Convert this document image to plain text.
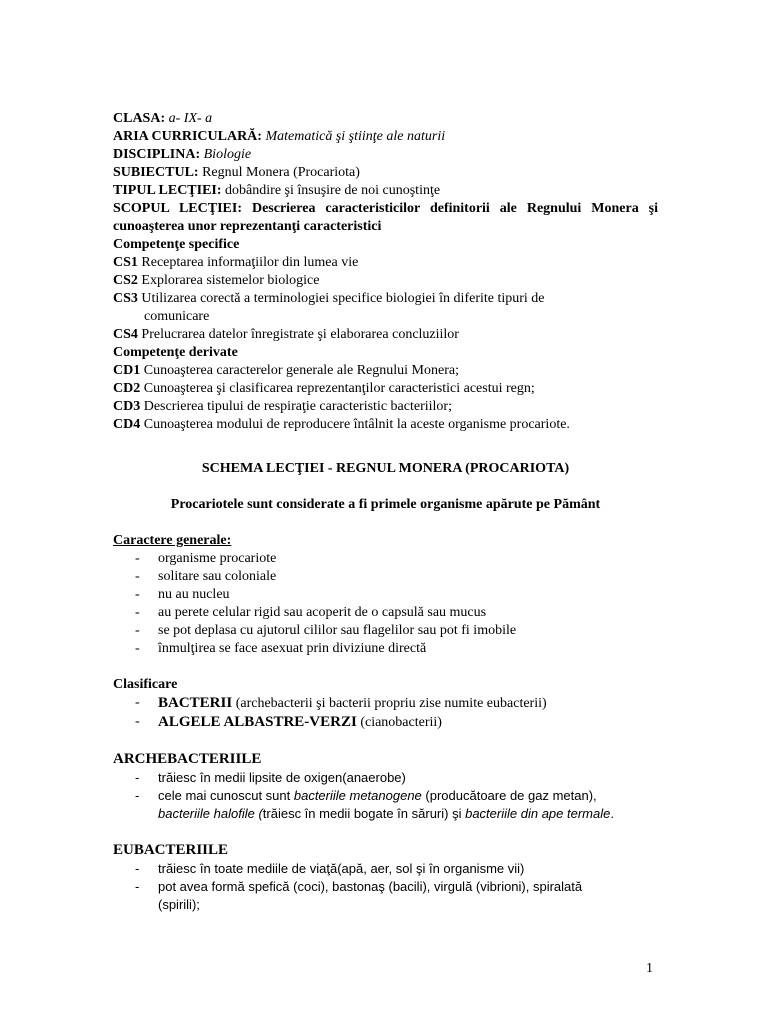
CLASA: a- IX- a
ARIA CURRICULARĂ: Matematică şi ştiinţe ale naturii
DISCIPLINA: Biologie
SUBIECTUL: Regnul Monera (Procariota)
TIPUL LECŢIEI: dobândire şi însuşire de noi cunoştinţe
SCOPUL LECŢIEI: Descrierea caracteristicilor definitorii ale Regnului Monera şi cunoaşterea unor reprezentanţi caracteristici
Competenţe specifice
CS1 Receptarea informaţiilor din lumea vie
CS2 Explorarea sistemelor biologice
CS3 Utilizarea corectă a terminologiei specifice biologiei în diferite tipuri de
comunicare
CS4 Prelucrarea datelor înregistrate şi elaborarea concluziilor
Competenţe derivate
CD1 Cunoaşterea caracterelor generale ale Regnului Monera;
CD2 Cunoaşterea şi clasificarea reprezentanţilor caracteristici acestui regn;
CD3 Descrierea tipului de respiraţie caracteristic bacteriilor;
CD4 Cunoaşterea modului de reproducere întâlnit la aceste organisme procariote.
SCHEMA LECŢIEI - REGNUL MONERA (PROCARIOTA)
Procariotele sunt considerate a fi primele organisme apărute pe Pământ
Caractere generale:
- organisme procariote
- solitare sau coloniale
- nu au nucleu
- au perete celular rigid sau acoperit de o capsulă sau mucus
- se pot deplasa cu ajutorul cililor sau flagelilor sau pot fi imobile
- înmulţirea se face asexuat prin diviziune directă
Clasificare
- BACTERII (archebacterii şi bacterii propriu zise numite eubacterii)
- ALGELE ALBASTRE-VERZI (cianobacterii)
ARCHEBACTERIILE
- trăiesc în medii lipsite de oxigen(anaerobe)
- cele mai cunoscut sunt bacteriile metanogene (producătoare de gaz metan),
bacteriile halofile (trăiesc în medii bogate în săruri) şi bacteriile din ape termale.
EUBACTERIILE
- trăiesc în toate mediile de viaţă(apă, aer, sol şi în organisme vii)
- pot avea formă spefică (coci), bastonaş (bacili), virgulă (vibrioni), spiralată
(spirili);
1
